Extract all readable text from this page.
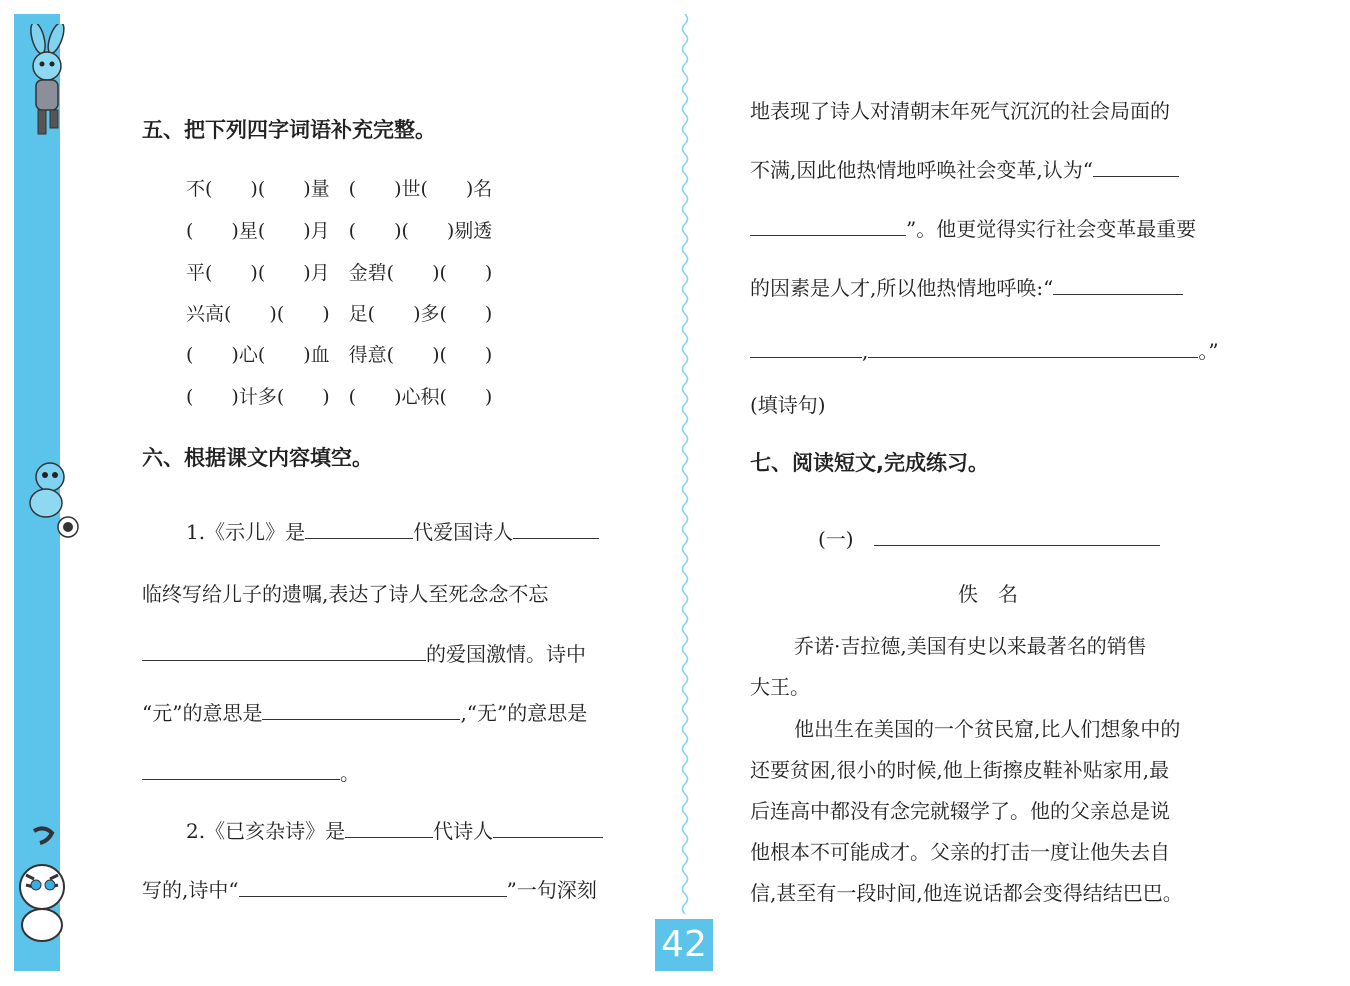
五、把下列四字词语补充完整。
不(　　)(　　)量　(　　)世(　　)名
(　　)星(　　)月　(　　)(　　)剔透
平(　　)(　　)月　金碧(　　)(　　)
兴高(　　)(　　)　足(　　)多(　　)
(　　)心(　　)血　得意(　　)(　　)
(　　)计多(　　)　(　　)心积(　　)
六、根据课文内容填空。
1.《示儿》是	代爱国诗人
临终写给儿子的遗嘱,表达了诗人至死念念不忘
的爱国激情。诗中
“元”的意思是	,“无”的意思是
。
2.《已亥杂诗》是	代诗人
写的,诗中“	”一句深刻
地表现了诗人对清朝末年死气沉沉的社会局面的
不满,因此他热情地呼唤社会变革,认为“
”。他更觉得实行社会变革最重要
的因素是人才,所以他热情地呼唤:“
,	。”
(填诗句)
七、阅读短文,完成练习。
(一)　
佚　名
乔诺·吉拉德,美国有史以来最著名的销售
大王。
他出生在美国的一个贫民窟,比人们想象中的
还要贫困,很小的时候,他上街擦皮鞋补贴家用,最
后连高中都没有念完就辍学了。他的父亲总是说
他根本不可能成才。父亲的打击一度让他失去自
信,甚至有一段时间,他连说话都会变得结结巴巴。
42
